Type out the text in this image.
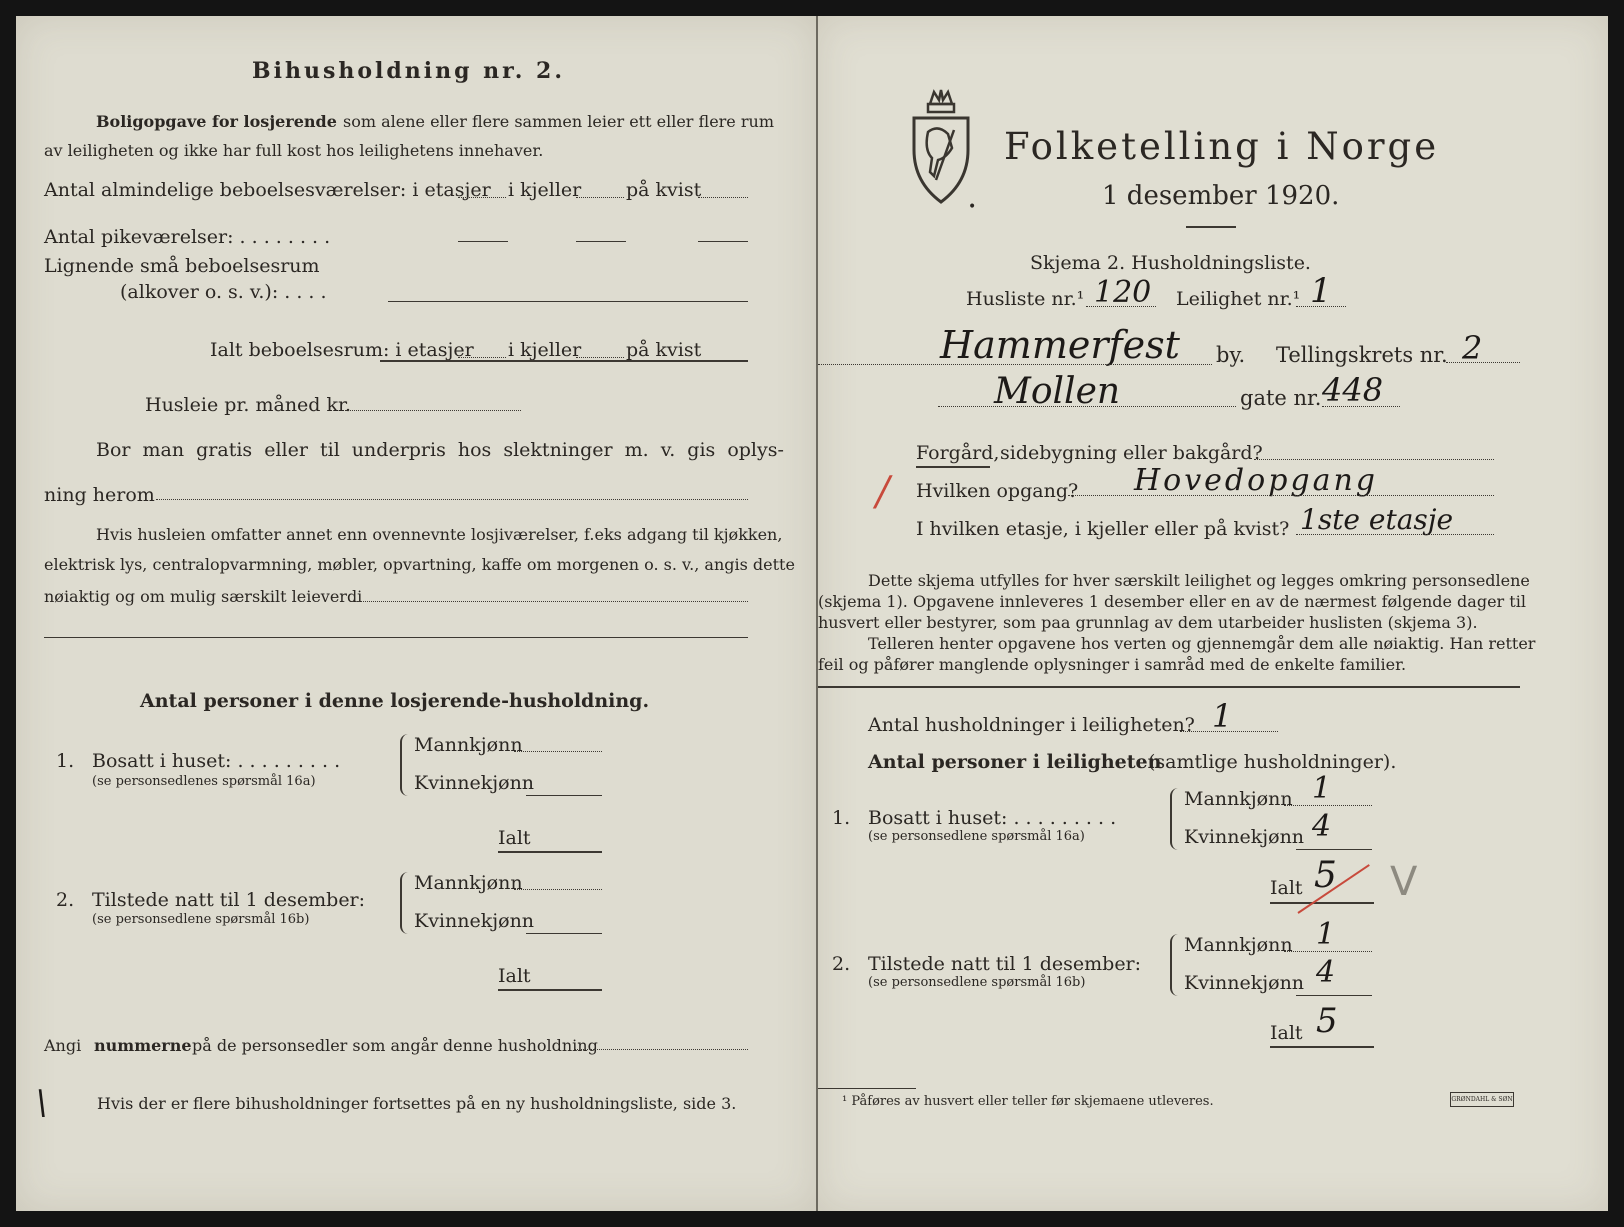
Bihusholdning nr. 2.
Boligopgave for losjerende som alene eller flere sammen leier ett eller flere rum
av leiligheten og ikke har full kost hos leilighetens innehaver.
Antal almindelige beboelsesværelser: i etasjer i kjeller på kvist
Antal pikeværelser: . . . . . . . .
Lignende små beboelsesrum
(alkover o. s. v.): . . . .
Ialt beboelsesrum: i etasjer i kjeller på kvist
Husleie pr. måned kr.
Bor man gratis eller til underpris hos slektninger m. v. gis oplys-
ning herom
Hvis husleien omfatter annet enn ovennevnte losjiværelser, f.eks adgang til kjøkken,
elektrisk lys, centralopvarmning, møbler, opvartning, kaffe om morgenen o. s. v., angis dette
nøiaktig og om mulig særskilt leieverdi
Antal personer i denne losjerende-husholdning.
1. Bosatt i huset: . . . . . . . . .
(se personsedlenes spørsmål 16a)
Mannkjønn
Kvinnekjønn
Ialt
2. Tilstede natt til 1 desember:
(se personsedlene spørsmål 16b)
Mannkjønn
Kvinnekjønn
Ialt
Angi nummerne på de personsedler som angår denne husholdning
Hvis der er flere bihusholdninger fortsettes på en ny husholdningsliste, side 3.
\
Folketelling i Norge
•	1 desember 1920.
Skjema 2. Husholdningsliste.
Husliste nr.¹ 120 Leilighet nr.¹ 1
Hammerfest by. Tellingskrets nr. 2
Mollen	gate nr. 448
Forgård, sidebygning eller bakgård?
/ Hvilken opgang? Hovedopgang
I hvilken etasje, i kjeller eller på kvist? 1ste etasje
Dette skjema utfylles for hver særskilt leilighet og legges omkring personsedlene
(skjema 1). Opgavene innleveres 1 desember eller en av de nærmest følgende dager til
husvert eller bestyrer, som paa grunnlag av dem utarbeider huslisten (skjema 3).
Telleren henter opgavene hos verten og gjennemgår dem alle nøiaktig. Han retter
feil og påfører manglende oplysninger i samråd med de enkelte familier.
Antal husholdninger i leiligheten? 1
Antal personer i leiligheten
(samtlige husholdninger).
1. Bosatt i huset: . . . . . . . . .
(se personsedlene spørsmål 16a)
Mannkjønn 1
Kvinnekjønn 4
Ialt 5 V
2. Tilstede natt til 1 desember:
(se personsedlene spørsmål 16b)
Mannkjønn 1
Kvinnekjønn 4
Ialt 5
¹ Påføres av husvert eller teller før skjemaene utleveres.	GRØNDAHL & SØN
